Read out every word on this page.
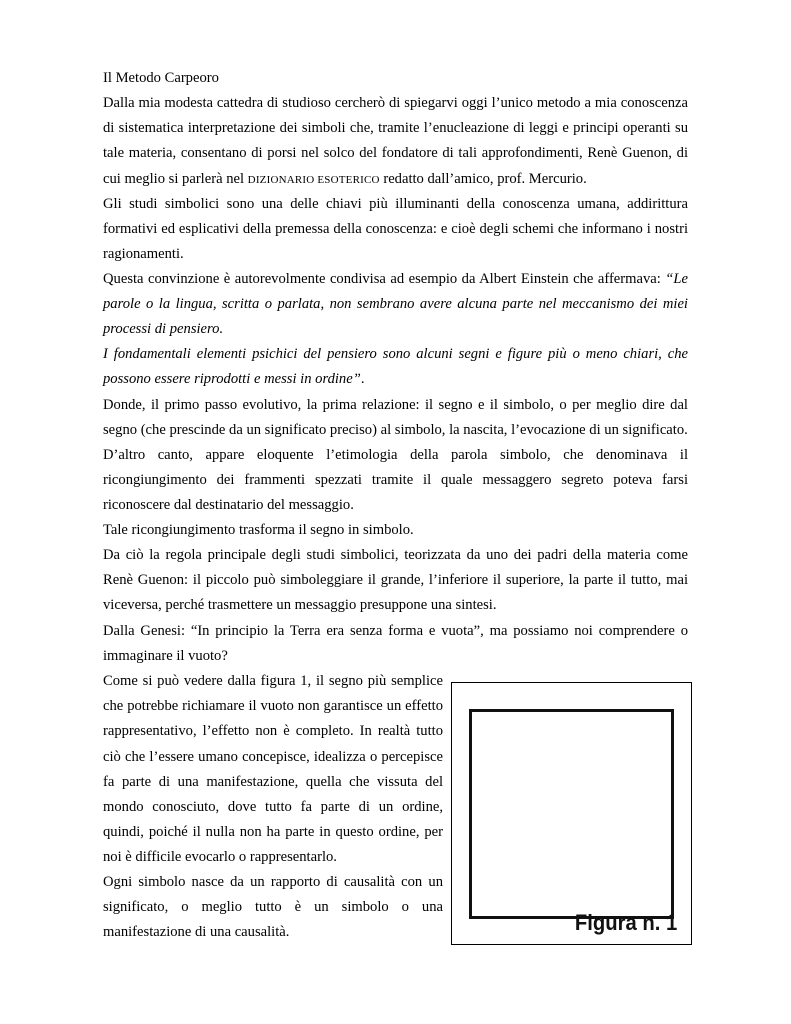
Il Metodo Carpeoro

Dalla mia modesta cattedra di studioso cercherò di spiegarvi oggi l’unico metodo a mia conoscenza di sistematica interpretazione dei simboli che, tramite l’enucleazione di leggi e principi operanti su tale materia, consentano di porsi nel solco del fondatore di tali approfondimenti, Renè Guenon, di cui meglio si parlerà nel DIZIONARIO ESOTERICO redatto dall’amico, prof. Mercurio.

Gli studi simbolici sono una delle chiavi più illuminanti della conoscenza umana, addirittura formativi ed esplicativi della premessa della conoscenza: e cioè degli schemi che informano i nostri ragionamenti.

Questa convinzione è autorevolmente condivisa ad esempio da Albert Einstein che affermava: “Le parole o la lingua, scritta o parlata, non sembrano avere alcuna parte nel meccanismo dei miei processi di pensiero.

I fondamentali elementi psichici del pensiero sono alcuni segni e figure più o meno chiari, che possono essere riprodotti e messi in ordine”.

Donde, il primo passo evolutivo, la prima relazione: il segno e il simbolo, o per meglio dire dal segno (che prescinde da un significato preciso) al simbolo, la nascita, l’evocazione di un significato.

D’altro canto, appare eloquente l’etimologia della parola simbolo, che denominava il ricongiungimento dei frammenti spezzati tramite il quale messaggero segreto poteva farsi riconoscere dal destinatario del messaggio.

Tale ricongiungimento trasforma il segno in simbolo.

Da ciò la regola principale degli studi simbolici, teorizzata da uno dei padri della materia come Renè Guenon: il piccolo può simboleggiare il grande, l’inferiore il superiore, la parte il tutto, mai viceversa, perché trasmettere un messaggio presuppone una sintesi.

Dalla Genesi: “In principio la Terra era senza forma e vuota”, ma possiamo noi comprendere o immaginare il vuoto?

Come si può vedere dalla figura 1, il segno più semplice che potrebbe richiamare il vuoto non garantisce un effetto rappresentativo, l’effetto non è completo. In realtà tutto ciò che l’essere umano concepisce, idealizza o percepisce fa parte di una manifestazione, quella che vissuta del mondo conosciuto, dove tutto fa parte di un ordine, quindi, poiché il nulla non ha parte in questo ordine, per noi è difficile evocarlo o rappresentarlo.

Ogni simbolo nasce da un rapporto di causalità con un significato, o meglio tutto è un simbolo o una manifestazione di una causalità.	Figura n. 1
